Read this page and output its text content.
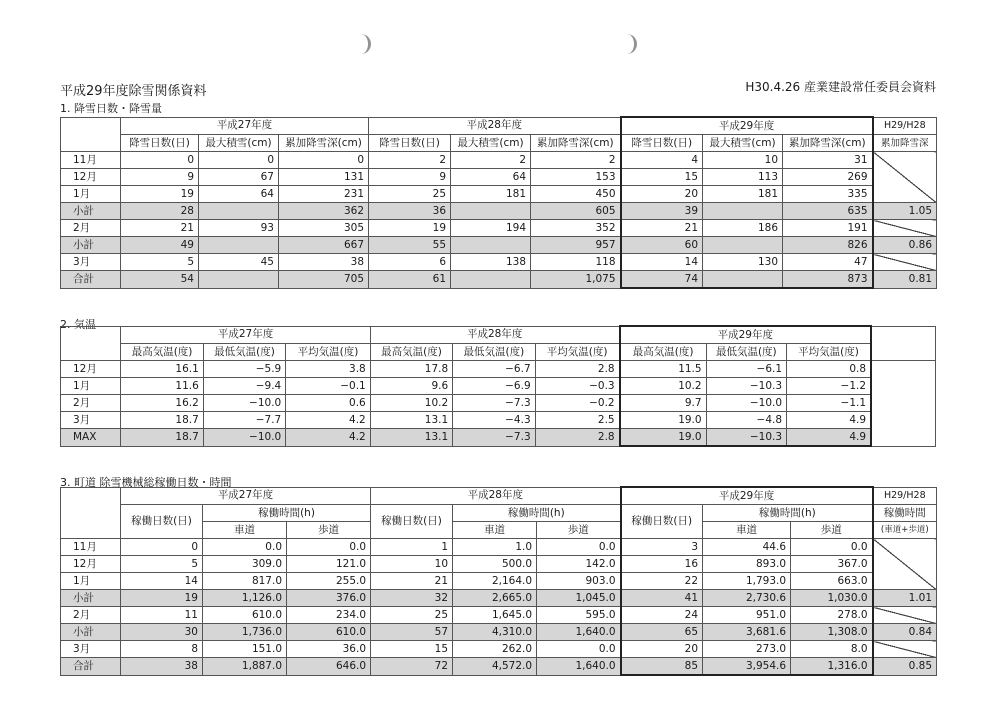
平成29年度除雪関係資料	H30.4.26 産業建設常任委員会資料
1. 降雪日数・降雪量
	平成27年度			平成28年度			平成29年度			H29/H28
	降雪日数(日)	最大積雪(cm)	累加降雪深(cm)	降雪日数(日)	最大積雪(cm)	累加降雪深(cm)	降雪日数(日)	最大積雪(cm)	累加降雪深(cm)	累加降雪深
11月	0	0	0	2	2	2	4	10	31	
12月	9	67	131	9	64	153	15	113	269	
1月	19	64	231	25	181	450	20	181	335	
小計	28		362	36		605	39		635	1.05
2月	21	93	305	19	194	352	21	186	191	
小計	49		667	55		957	60		826	0.86
3月	5	45	38	6	138	118	14	130	47	
合計	54		705	61		1,075	74		873	0.81
2. 気温
	平成27年度			平成28年度			平成29年度			
	最高気温(度)	最低気温(度)	平均気温(度)	最高気温(度)	最低気温(度)	平均気温(度)	最高気温(度)	最低気温(度)	平均気温(度)	
12月	16.1	−5.9	3.8	17.8	−6.7	2.8	11.5	−6.1	0.8	
1月	11.6	−9.4	−0.1	9.6	−6.9	−0.3	10.2	−10.3	−1.2	
2月	16.2	−10.0	0.6	10.2	−7.3	−0.2	9.7	−10.0	−1.1	
3月	18.7	−7.7	4.2	13.1	−4.3	2.5	19.0	−4.8	4.9	
MAX	18.7	−10.0	4.2	13.1	−7.3	2.8	19.0	−10.3	4.9	
3. 町道 除雪機械総稼働日数・時間
	平成27年度			平成28年度			平成29年度			H29/H28
	稼働日数(日)	稼働時間(h)		稼働日数(日)	稼働時間(h)		稼働日数(日)	稼働時間(h)		稼働時間
		車道	歩道		車道	歩道		車道	歩道	(車道+歩道)
11月	0	0.0	0.0	1	1.0	0.0	3	44.6	0.0	
12月	5	309.0	121.0	10	500.0	142.0	16	893.0	367.0	
1月	14	817.0	255.0	21	2,164.0	903.0	22	1,793.0	663.0	
小計	19	1,126.0	376.0	32	2,665.0	1,045.0	41	2,730.6	1,030.0	1.01
2月	11	610.0	234.0	25	1,645.0	595.0	24	951.0	278.0	
小計	30	1,736.0	610.0	57	4,310.0	1,640.0	65	3,681.6	1,308.0	0.84
3月	8	151.0	36.0	15	262.0	0.0	20	273.0	8.0	
合計	38	1,887.0	646.0	72	4,572.0	1,640.0	85	3,954.6	1,316.0	0.85
